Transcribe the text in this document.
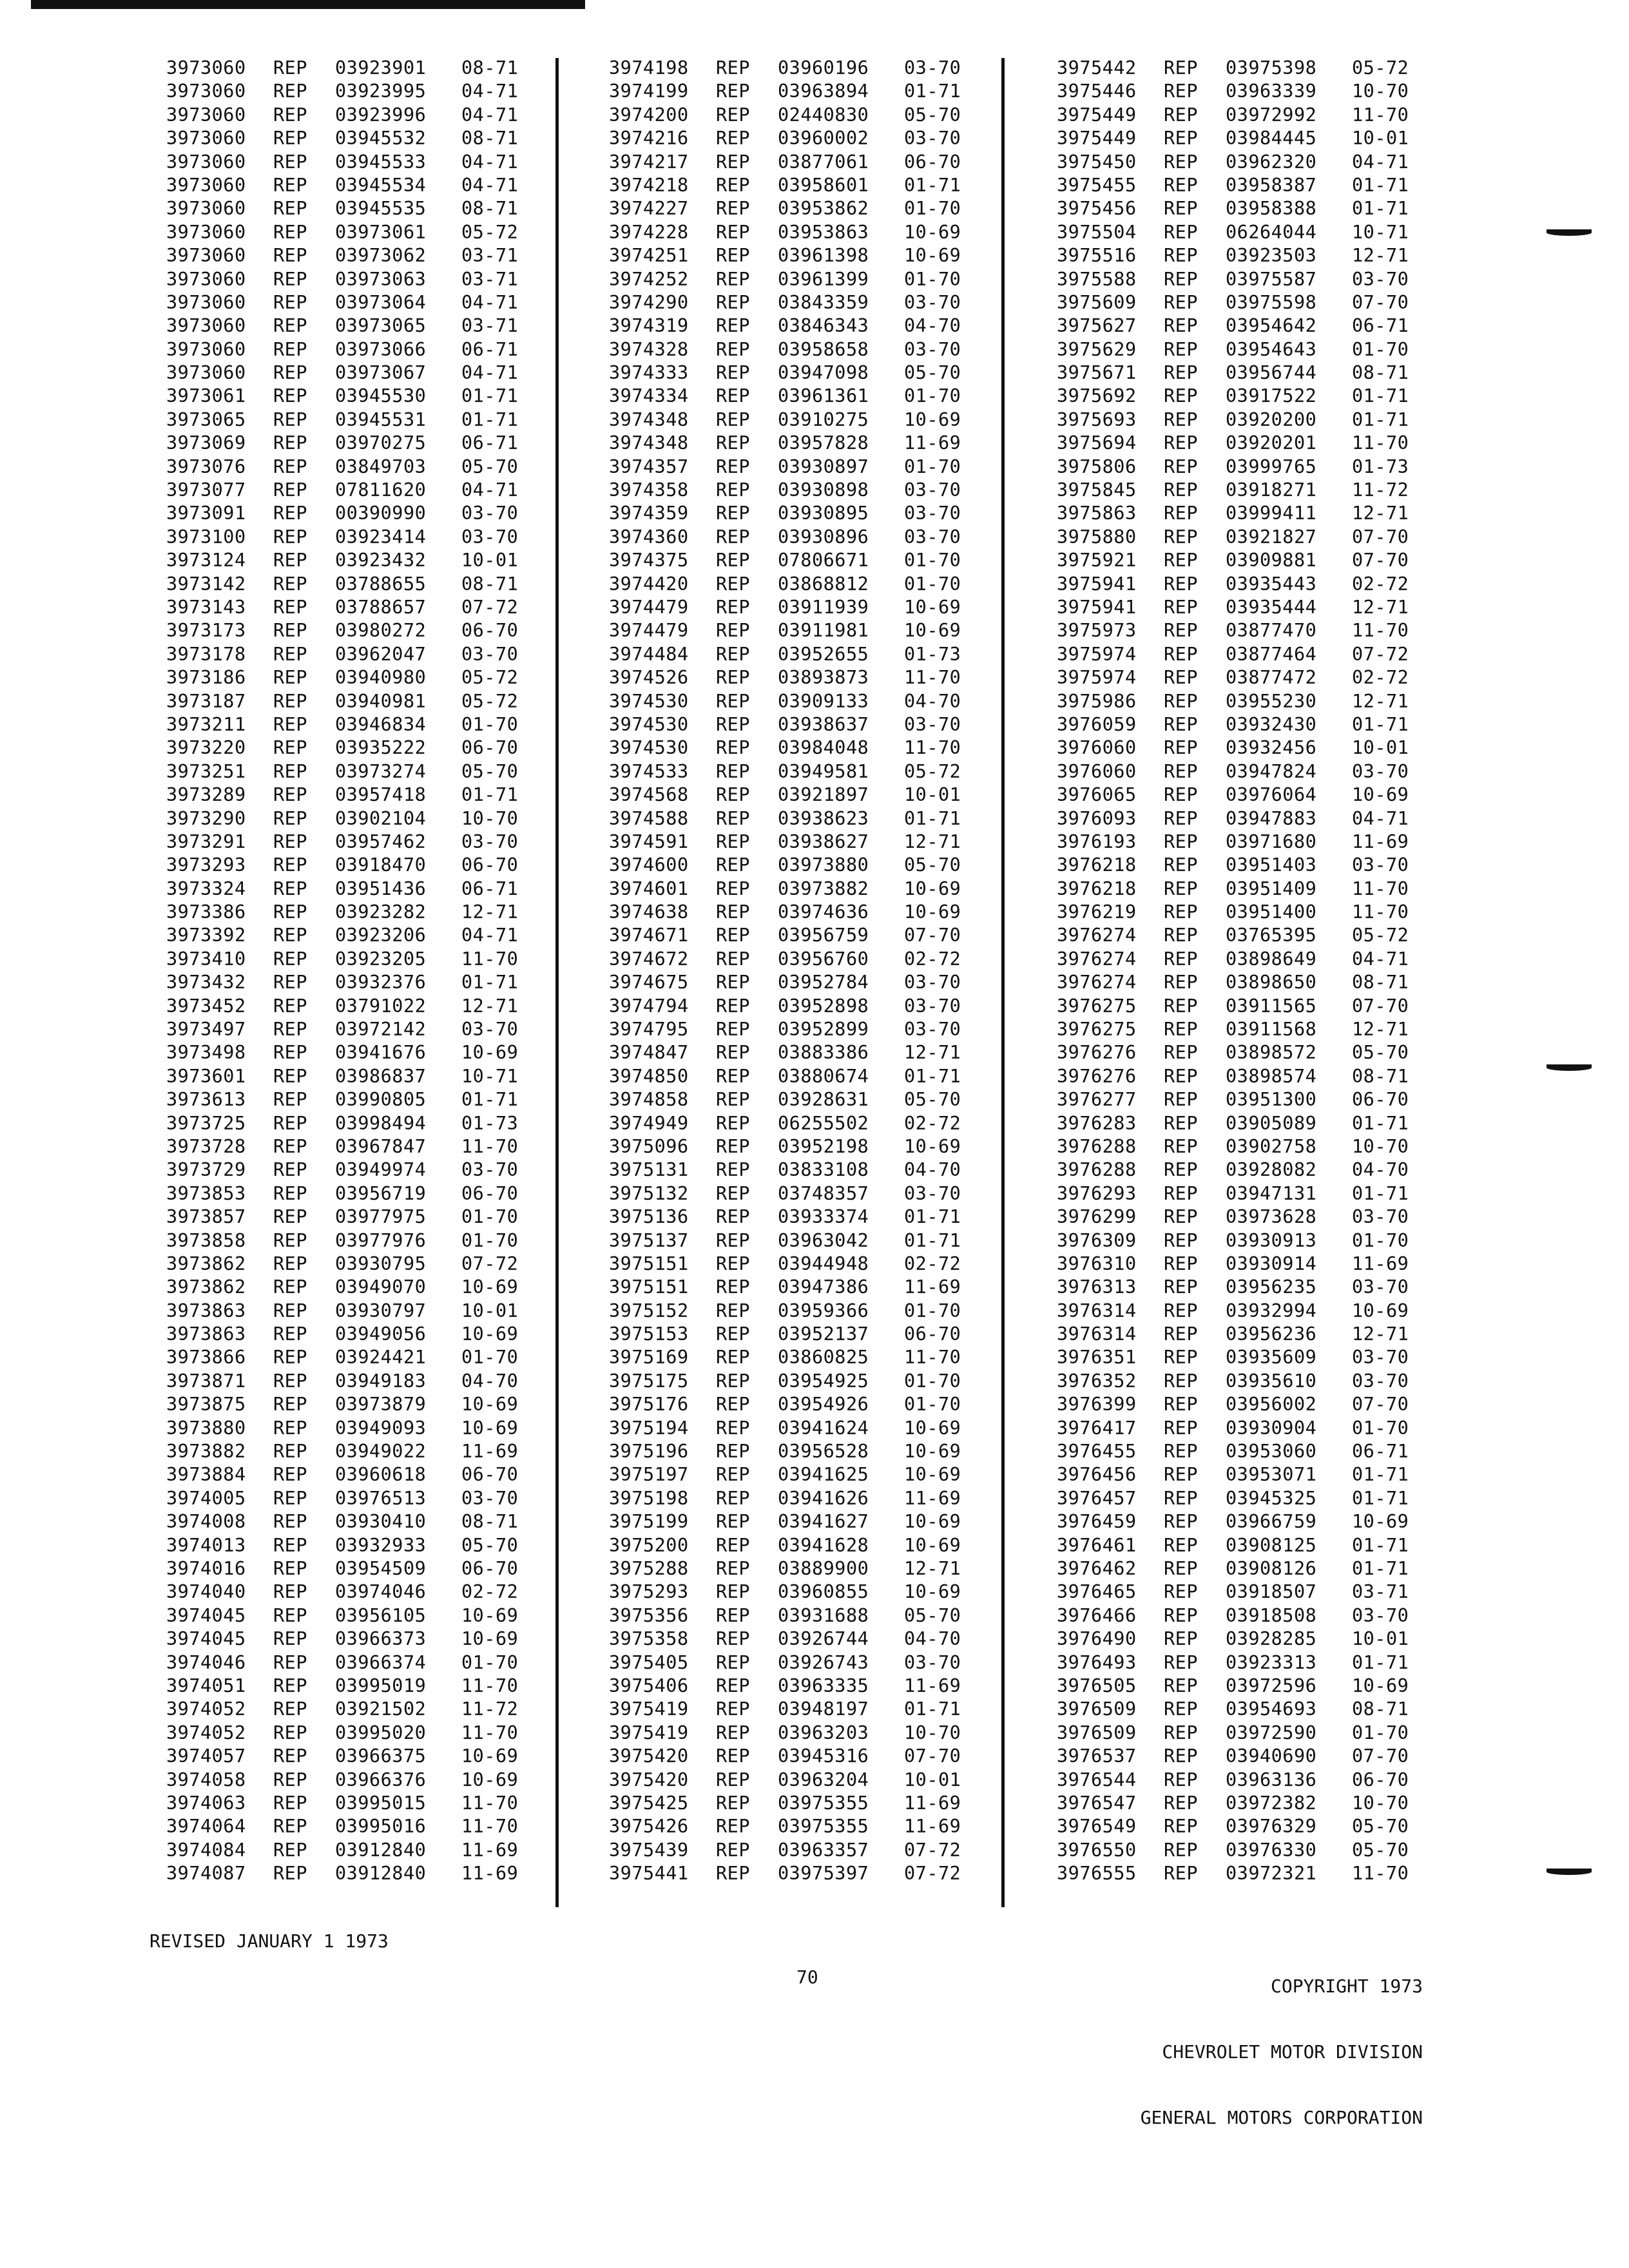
3973060 REP 03923901 08-71
3973060 REP 03923995 04-71
3973060 REP 03923996 04-71
3973060 REP 03945532 08-71
3973060 REP 03945533 04-71
3973060 REP 03945534 04-71
3973060 REP 03945535 08-71
3973060 REP 03973061 05-72
3973060 REP 03973062 03-71
3973060 REP 03973063 03-71
3973060 REP 03973064 04-71
3973060 REP 03973065 03-71
3973060 REP 03973066 06-71
3973060 REP 03973067 04-71
3973061 REP 03945530 01-71
3973065 REP 03945531 01-71
3973069 REP 03970275 06-71
3973076 REP 03849703 05-70
3973077 REP 07811620 04-71
3973091 REP 00390990 03-70
3973100 REP 03923414 03-70
3973124 REP 03923432 10-01
3973142 REP 03788655 08-71
3973143 REP 03788657 07-72
3973173 REP 03980272 06-70
3973178 REP 03962047 03-70
3973186 REP 03940980 05-72
3973187 REP 03940981 05-72
3973211 REP 03946834 01-70
3973220 REP 03935222 06-70
3973251 REP 03973274 05-70
3973289 REP 03957418 01-71
3973290 REP 03902104 10-70
3973291 REP 03957462 03-70
3973293 REP 03918470 06-70
3973324 REP 03951436 06-71
3973386 REP 03923282 12-71
3973392 REP 03923206 04-71
3973410 REP 03923205 11-70
3973432 REP 03932376 01-71
3973452 REP 03791022 12-71
3973497 REP 03972142 03-70
3973498 REP 03941676 10-69
3973601 REP 03986837 10-71
3973613 REP 03990805 01-71
3973725 REP 03998494 01-73
3973728 REP 03967847 11-70
3973729 REP 03949974 03-70
3973853 REP 03956719 06-70
3973857 REP 03977975 01-70
3973858 REP 03977976 01-70
3973862 REP 03930795 07-72
3973862 REP 03949070 10-69
3973863 REP 03930797 10-01
3973863 REP 03949056 10-69
3973866 REP 03924421 01-70
3973871 REP 03949183 04-70
3973875 REP 03973879 10-69
3973880 REP 03949093 10-69
3973882 REP 03949022 11-69
3973884 REP 03960618 06-70
3974005 REP 03976513 03-70
3974008 REP 03930410 08-71
3974013 REP 03932933 05-70
3974016 REP 03954509 06-70
3974040 REP 03974046 02-72
3974045 REP 03956105 10-69
3974045 REP 03966373 10-69
3974046 REP 03966374 01-70
3974051 REP 03995019 11-70
3974052 REP 03921502 11-72
3974052 REP 03995020 11-70
3974057 REP 03966375 10-69
3974058 REP 03966376 10-69
3974063 REP 03995015 11-70
3974064 REP 03995016 11-70
3974084 REP 03912840 11-69
3974087 REP 03912840 11-69
3974198 REP 03960196 03-70
3974199 REP 03963894 01-71
3974200 REP 02440830 05-70
3974216 REP 03960002 03-70
3974217 REP 03877061 06-70
3974218 REP 03958601 01-71
3974227 REP 03953862 01-70
3974228 REP 03953863 10-69
3974251 REP 03961398 10-69
3974252 REP 03961399 01-70
3974290 REP 03843359 03-70
3974319 REP 03846343 04-70
3974328 REP 03958658 03-70
3974333 REP 03947098 05-70
3974334 REP 03961361 01-70
3974348 REP 03910275 10-69
3974348 REP 03957828 11-69
3974357 REP 03930897 01-70
3974358 REP 03930898 03-70
3974359 REP 03930895 03-70
3974360 REP 03930896 03-70
3974375 REP 07806671 01-70
3974420 REP 03868812 01-70
3974479 REP 03911939 10-69
3974479 REP 03911981 10-69
3974484 REP 03952655 01-73
3974526 REP 03893873 11-70
3974530 REP 03909133 04-70
3974530 REP 03938637 03-70
3974530 REP 03984048 11-70
3974533 REP 03949581 05-72
3974568 REP 03921897 10-01
3974588 REP 03938623 01-71
3974591 REP 03938627 12-71
3974600 REP 03973880 05-70
3974601 REP 03973882 10-69
3974638 REP 03974636 10-69
3974671 REP 03956759 07-70
3974672 REP 03956760 02-72
3974675 REP 03952784 03-70
3974794 REP 03952898 03-70
3974795 REP 03952899 03-70
3974847 REP 03883386 12-71
3974850 REP 03880674 01-71
3974858 REP 03928631 05-70
3974949 REP 06255502 02-72
3975096 REP 03952198 10-69
3975131 REP 03833108 04-70
3975132 REP 03748357 03-70
3975136 REP 03933374 01-71
3975137 REP 03963042 01-71
3975151 REP 03944948 02-72
3975151 REP 03947386 11-69
3975152 REP 03959366 01-70
3975153 REP 03952137 06-70
3975169 REP 03860825 11-70
3975175 REP 03954925 01-70
3975176 REP 03954926 01-70
3975194 REP 03941624 10-69
3975196 REP 03956528 10-69
3975197 REP 03941625 10-69
3975198 REP 03941626 11-69
3975199 REP 03941627 10-69
3975200 REP 03941628 10-69
3975288 REP 03889900 12-71
3975293 REP 03960855 10-69
3975356 REP 03931688 05-70
3975358 REP 03926744 04-70
3975405 REP 03926743 03-70
3975406 REP 03963335 11-69
3975419 REP 03948197 01-71
3975419 REP 03963203 10-70
3975420 REP 03945316 07-70
3975420 REP 03963204 10-01
3975425 REP 03975355 11-69
3975426 REP 03975355 11-69
3975439 REP 03963357 07-72
3975441 REP 03975397 07-72
3975442 REP 03975398 05-72
3975446 REP 03963339 10-70
3975449 REP 03972992 11-70
3975449 REP 03984445 10-01
3975450 REP 03962320 04-71
3975455 REP 03958387 01-71
3975456 REP 03958388 01-71
3975504 REP 06264044 10-71
3975516 REP 03923503 12-71
3975588 REP 03975587 03-70
3975609 REP 03975598 07-70
3975627 REP 03954642 06-71
3975629 REP 03954643 01-70
3975671 REP 03956744 08-71
3975692 REP 03917522 01-71
3975693 REP 03920200 01-71
3975694 REP 03920201 11-70
3975806 REP 03999765 01-73
3975845 REP 03918271 11-72
3975863 REP 03999411 12-71
3975880 REP 03921827 07-70
3975921 REP 03909881 07-70
3975941 REP 03935443 02-72
3975941 REP 03935444 12-71
3975973 REP 03877470 11-70
3975974 REP 03877464 07-72
3975974 REP 03877472 02-72
3975986 REP 03955230 12-71
3976059 REP 03932430 01-71
3976060 REP 03932456 10-01
3976060 REP 03947824 03-70
3976065 REP 03976064 10-69
3976093 REP 03947883 04-71
3976193 REP 03971680 11-69
3976218 REP 03951403 03-70
3976218 REP 03951409 11-70
3976219 REP 03951400 11-70
3976274 REP 03765395 05-72
3976274 REP 03898649 04-71
3976274 REP 03898650 08-71
3976275 REP 03911565 07-70
3976275 REP 03911568 12-71
3976276 REP 03898572 05-70
3976276 REP 03898574 08-71
3976277 REP 03951300 06-70
3976283 REP 03905089 01-71
3976288 REP 03902758 10-70
3976288 REP 03928082 04-70
3976293 REP 03947131 01-71
3976299 REP 03973628 03-70
3976309 REP 03930913 01-70
3976310 REP 03930914 11-69
3976313 REP 03956235 03-70
3976314 REP 03932994 10-69
3976314 REP 03956236 12-71
3976351 REP 03935609 03-70
3976352 REP 03935610 03-70
3976399 REP 03956002 07-70
3976417 REP 03930904 01-70
3976455 REP 03953060 06-71
3976456 REP 03953071 01-71
3976457 REP 03945325 01-71
3976459 REP 03966759 10-69
3976461 REP 03908125 01-71
3976462 REP 03908126 01-71
3976465 REP 03918507 03-71
3976466 REP 03918508 03-70
3976490 REP 03928285 10-01
3976493 REP 03923313 01-71
3976505 REP 03972596 10-69
3976509 REP 03954693 08-71
3976509 REP 03972590 01-70
3976537 REP 03940690 07-70
3976544 REP 03963136 06-70
3976547 REP 03972382 10-70
3976549 REP 03976329 05-70
3976550 REP 03976330 05-70
3976555 REP 03972321 11-70
REVISED JANUARY 1 1973
70

	COPYRIGHT 1973

CHEVROLET MOTOR DIVISION

GENERAL MOTORS CORPORATION
